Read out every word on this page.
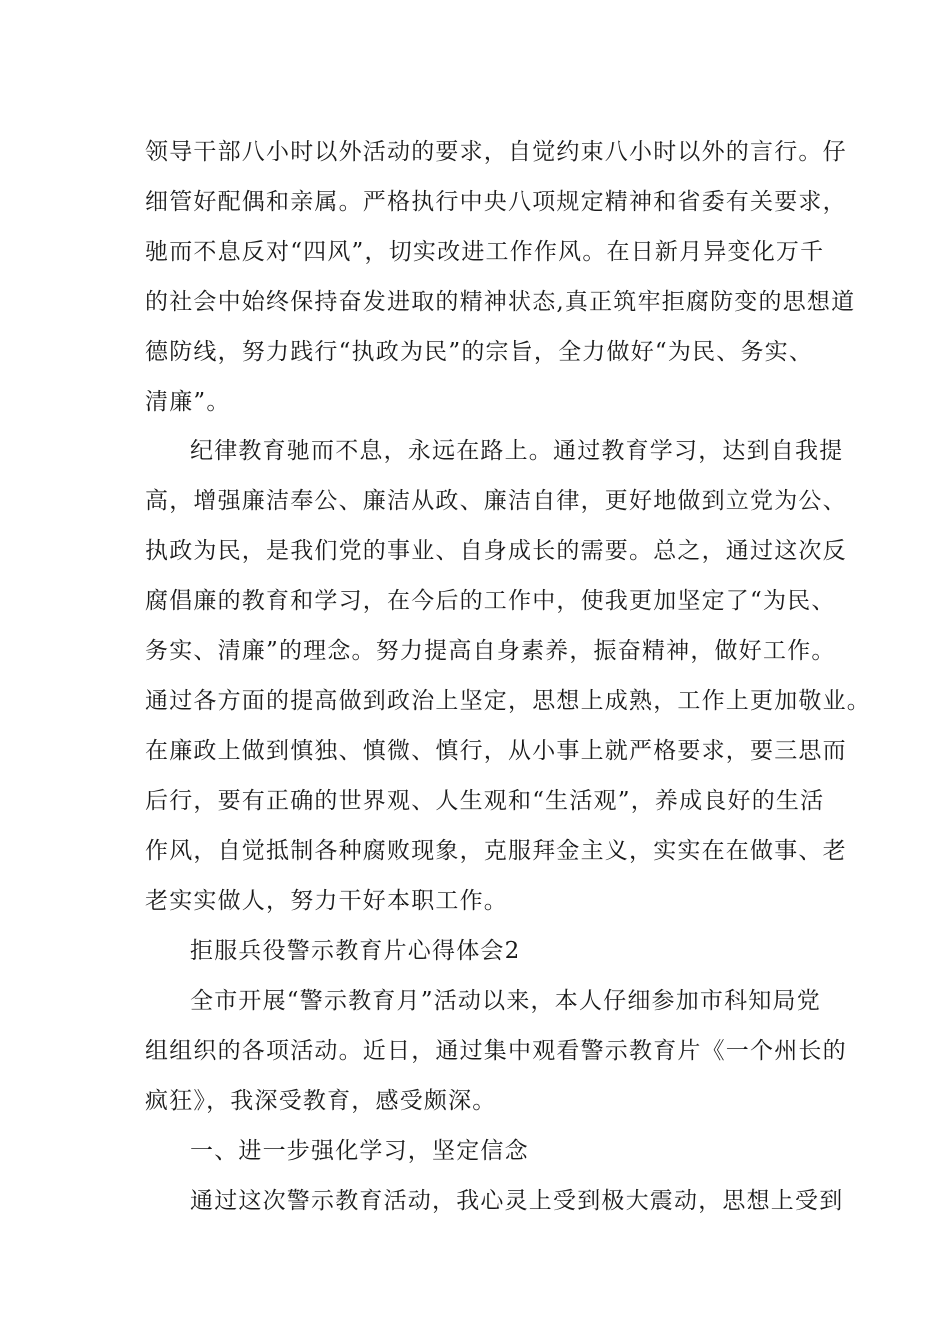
领导干部八小时以外活动的要求，自觉约束八小时以外的言行。仔
细管好配偶和亲属。严格执行中央八项规定精神和省委有关要求，
驰而不息反对“四风”，切实改进工作作风。在日新月异变化万千
的社会中始终保持奋发进取的精神状态,真正筑牢拒腐防变的思想道
德防线，努力践行“执政为民”的宗旨，全力做好“为民、务实、
清廉”。
纪律教育驰而不息，永远在路上。通过教育学习，达到自我提
高，增强廉洁奉公、廉洁从政、廉洁自律，更好地做到立党为公、
执政为民，是我们党的事业、自身成长的需要。总之，通过这次反
腐倡廉的教育和学习，在今后的工作中，使我更加坚定了“为民、
务实、清廉”的理念。努力提高自身素养，振奋精神，做好工作。
通过各方面的提高做到政治上坚定，思想上成熟，工作上更加敬业。
在廉政上做到慎独、慎微、慎行，从小事上就严格要求，要三思而
后行，要有正确的世界观、人生观和“生活观”，养成良好的生活
作风，自觉抵制各种腐败现象，克服拜金主义，实实在在做事、老
老实实做人，努力干好本职工作。
拒服兵役警示教育片心得体会2
全市开展“警示教育月”活动以来，本人仔细参加市科知局党
组组织的各项活动。近日，通过集中观看警示教育片《一个州长的
疯狂》，我深受教育，感受颇深。
一、进一步强化学习，坚定信念
通过这次警示教育活动，我心灵上受到极大震动，思想上受到
